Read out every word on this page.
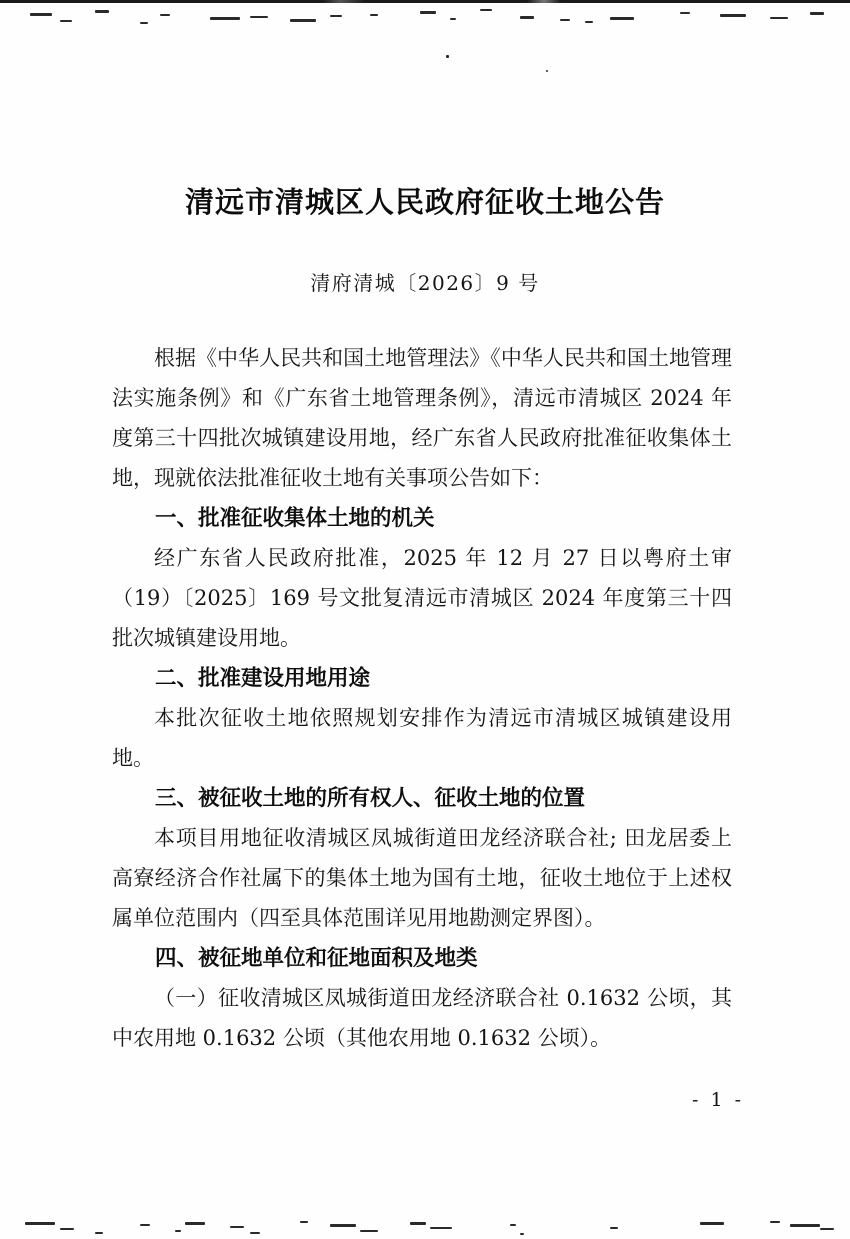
清远市清城区人民政府征收土地公告
清府清城〔2026〕9 号

根据《中华人民共和国土地管理法》《中华人民共和国土地管理法实施条例》和《广东省土地管理条例》，清远市清城区 2024 年度第三十四批次城镇建设用地，经广东省人民政府批准征收集体土地，现就依法批准征收土地有关事项公告如下：

一、批准征收集体土地的机关

经广东省人民政府批准，2025 年 12 月 27 日以粤府土审（19）〔2025〕169 号文批复清远市清城区 2024 年度第三十四批次城镇建设用地。

二、批准建设用地用途

本批次征收土地依照规划安排作为清远市清城区城镇建设用地。

三、被征收土地的所有权人、征收土地的位置

本项目用地征收清城区凤城街道田龙经济联合社; 田龙居委上高寮经济合作社属下的集体土地为国有土地，征收土地位于上述权属单位范围内（四至具体范围详见用地勘测定界图）。

四、被征地单位和征地面积及地类

（一）征收清城区凤城街道田龙经济联合社 0.1632 公顷，其中农用地 0.1632 公顷（其他农用地 0.1632 公顷）。

- 1 -
